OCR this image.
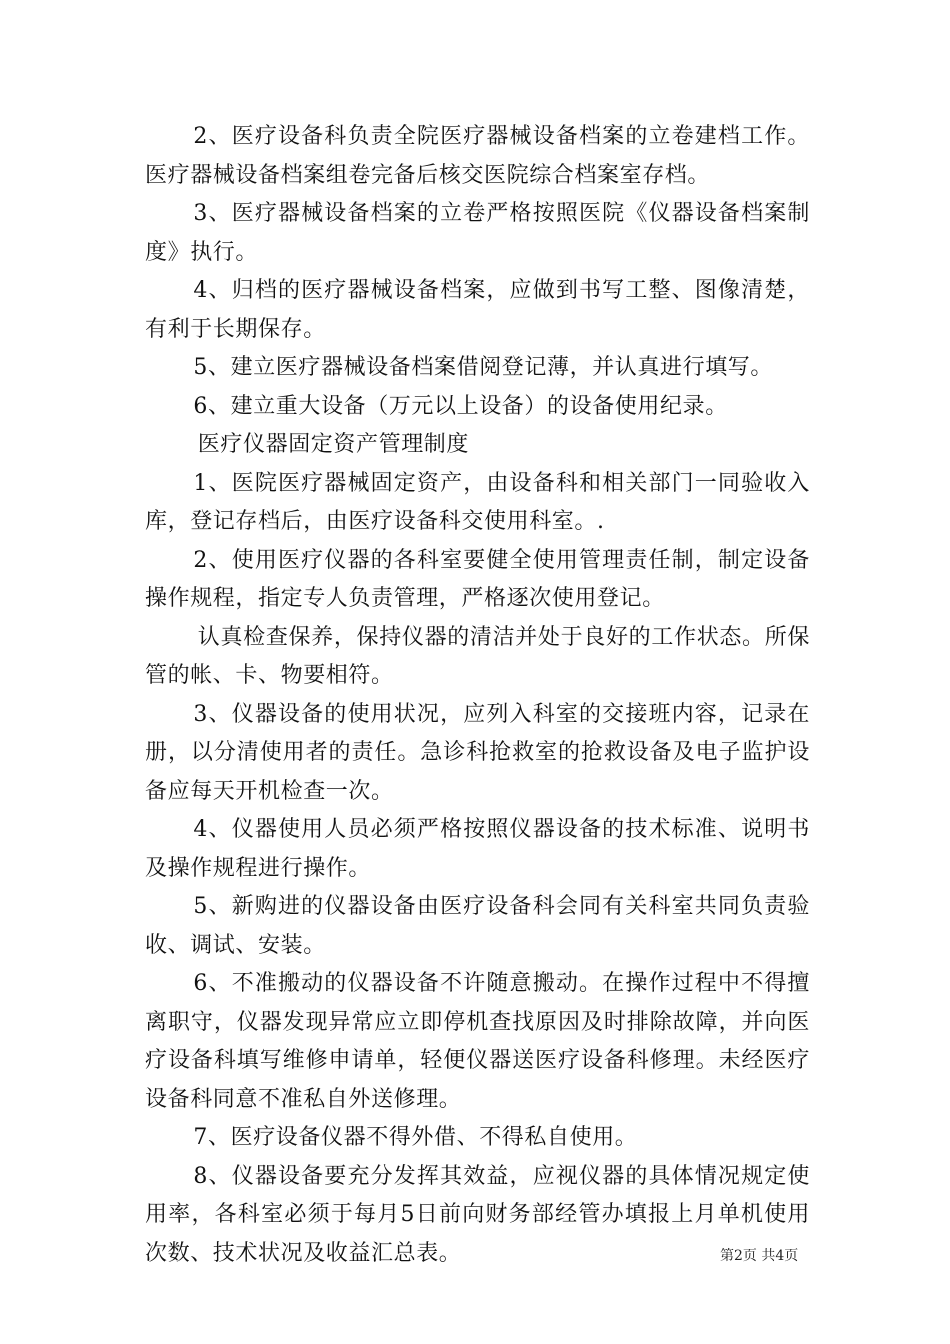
2、医疗设备科负责全院医疗器械设备档案的立卷建档工作。医疗器械设备档案组卷完备后核交医院综合档案室存档。

3、医疗器械设备档案的立卷严格按照医院《仪器设备档案制度》执行。

4、归档的医疗器械设备档案，应做到书写工整、图像清楚，有利于长期保存。

5、建立医疗器械设备档案借阅登记薄，并认真进行填写。

6、建立重大设备（万元以上设备）的设备使用纪录。

医疗仪器固定资产管理制度

1、医院医疗器械固定资产，由设备科和相关部门一同验收入库，登记存档后，由医疗设备科交使用科室。.

2、使用医疗仪器的各科室要健全使用管理责任制，制定设备操作规程，指定专人负责管理，严格逐次使用登记。

认真检查保养，保持仪器的清洁并处于良好的工作状态。所保管的帐、卡、物要相符。

3、仪器设备的使用状况，应列入科室的交接班内容，记录在册，以分清使用者的责任。急诊科抢救室的抢救设备及电子监护设备应每天开机检查一次。

4、仪器使用人员必须严格按照仪器设备的技术标准、说明书及操作规程进行操作。

5、新购进的仪器设备由医疗设备科会同有关科室共同负责验收、调试、安装。

6、不准搬动的仪器设备不许随意搬动。在操作过程中不得擅离职守，仪器发现异常应立即停机查找原因及时排除故障，并向医疗设备科填写维修申请单，轻便仪器送医疗设备科修理。未经医疗设备科同意不准私自外送修理。

7、医疗设备仪器不得外借、不得私自使用。

8、仪器设备要充分发挥其效益，应视仪器的具体情况规定使用率，各科室必须于每月5日前向财务部经管办填报上月单机使用次数、技术状况及收益汇总表。	第2页 共4页
